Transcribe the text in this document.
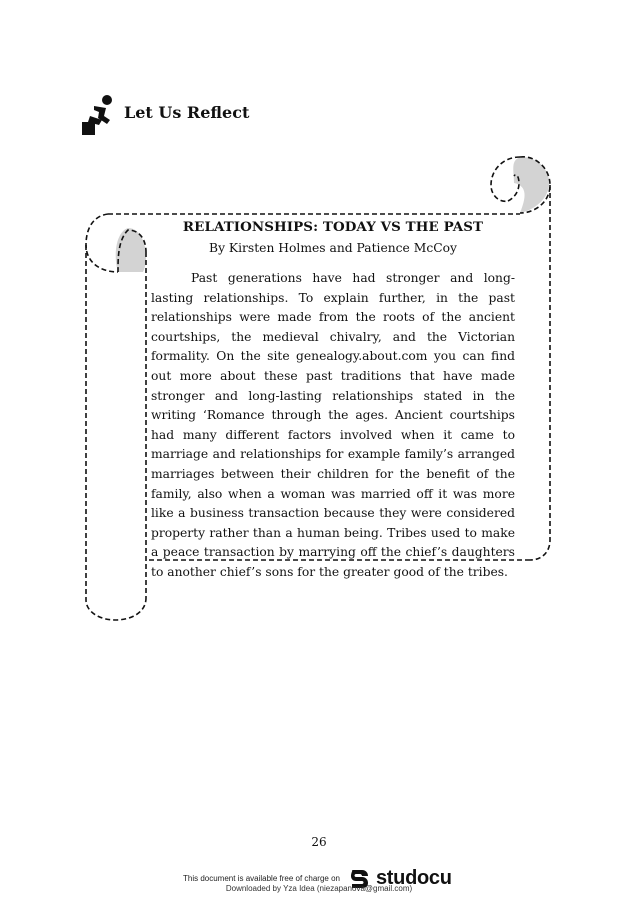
Let Us Reflect
RELATIONSHIPS: TODAY VS THE PAST
By Kirsten Holmes and Patience McCoy
Past generations have had stronger and long-lasting relationships. To explain further, in the past relationships were made from the roots of the ancient courtships, the medieval chivalry, and the Victorian formality. On the site genealogy.about.com you can find out more about these past traditions that have made stronger and long-lasting relationships stated in the writing ‘Romance through the ages. Ancient courtships had many different factors involved when it came to marriage and relationships for example family’s arranged marriages between their children for the benefit of the family, also when a woman was married off it was more like a business transaction because they were considered property rather than a human being. Tribes used to make a peace transaction by marrying off the chief’s daughters to another chief’s sons for the greater good of the tribes.
26
This document is available free of charge on studocu
Downloaded by Yza Idea (niezapanova@gmail.com)
